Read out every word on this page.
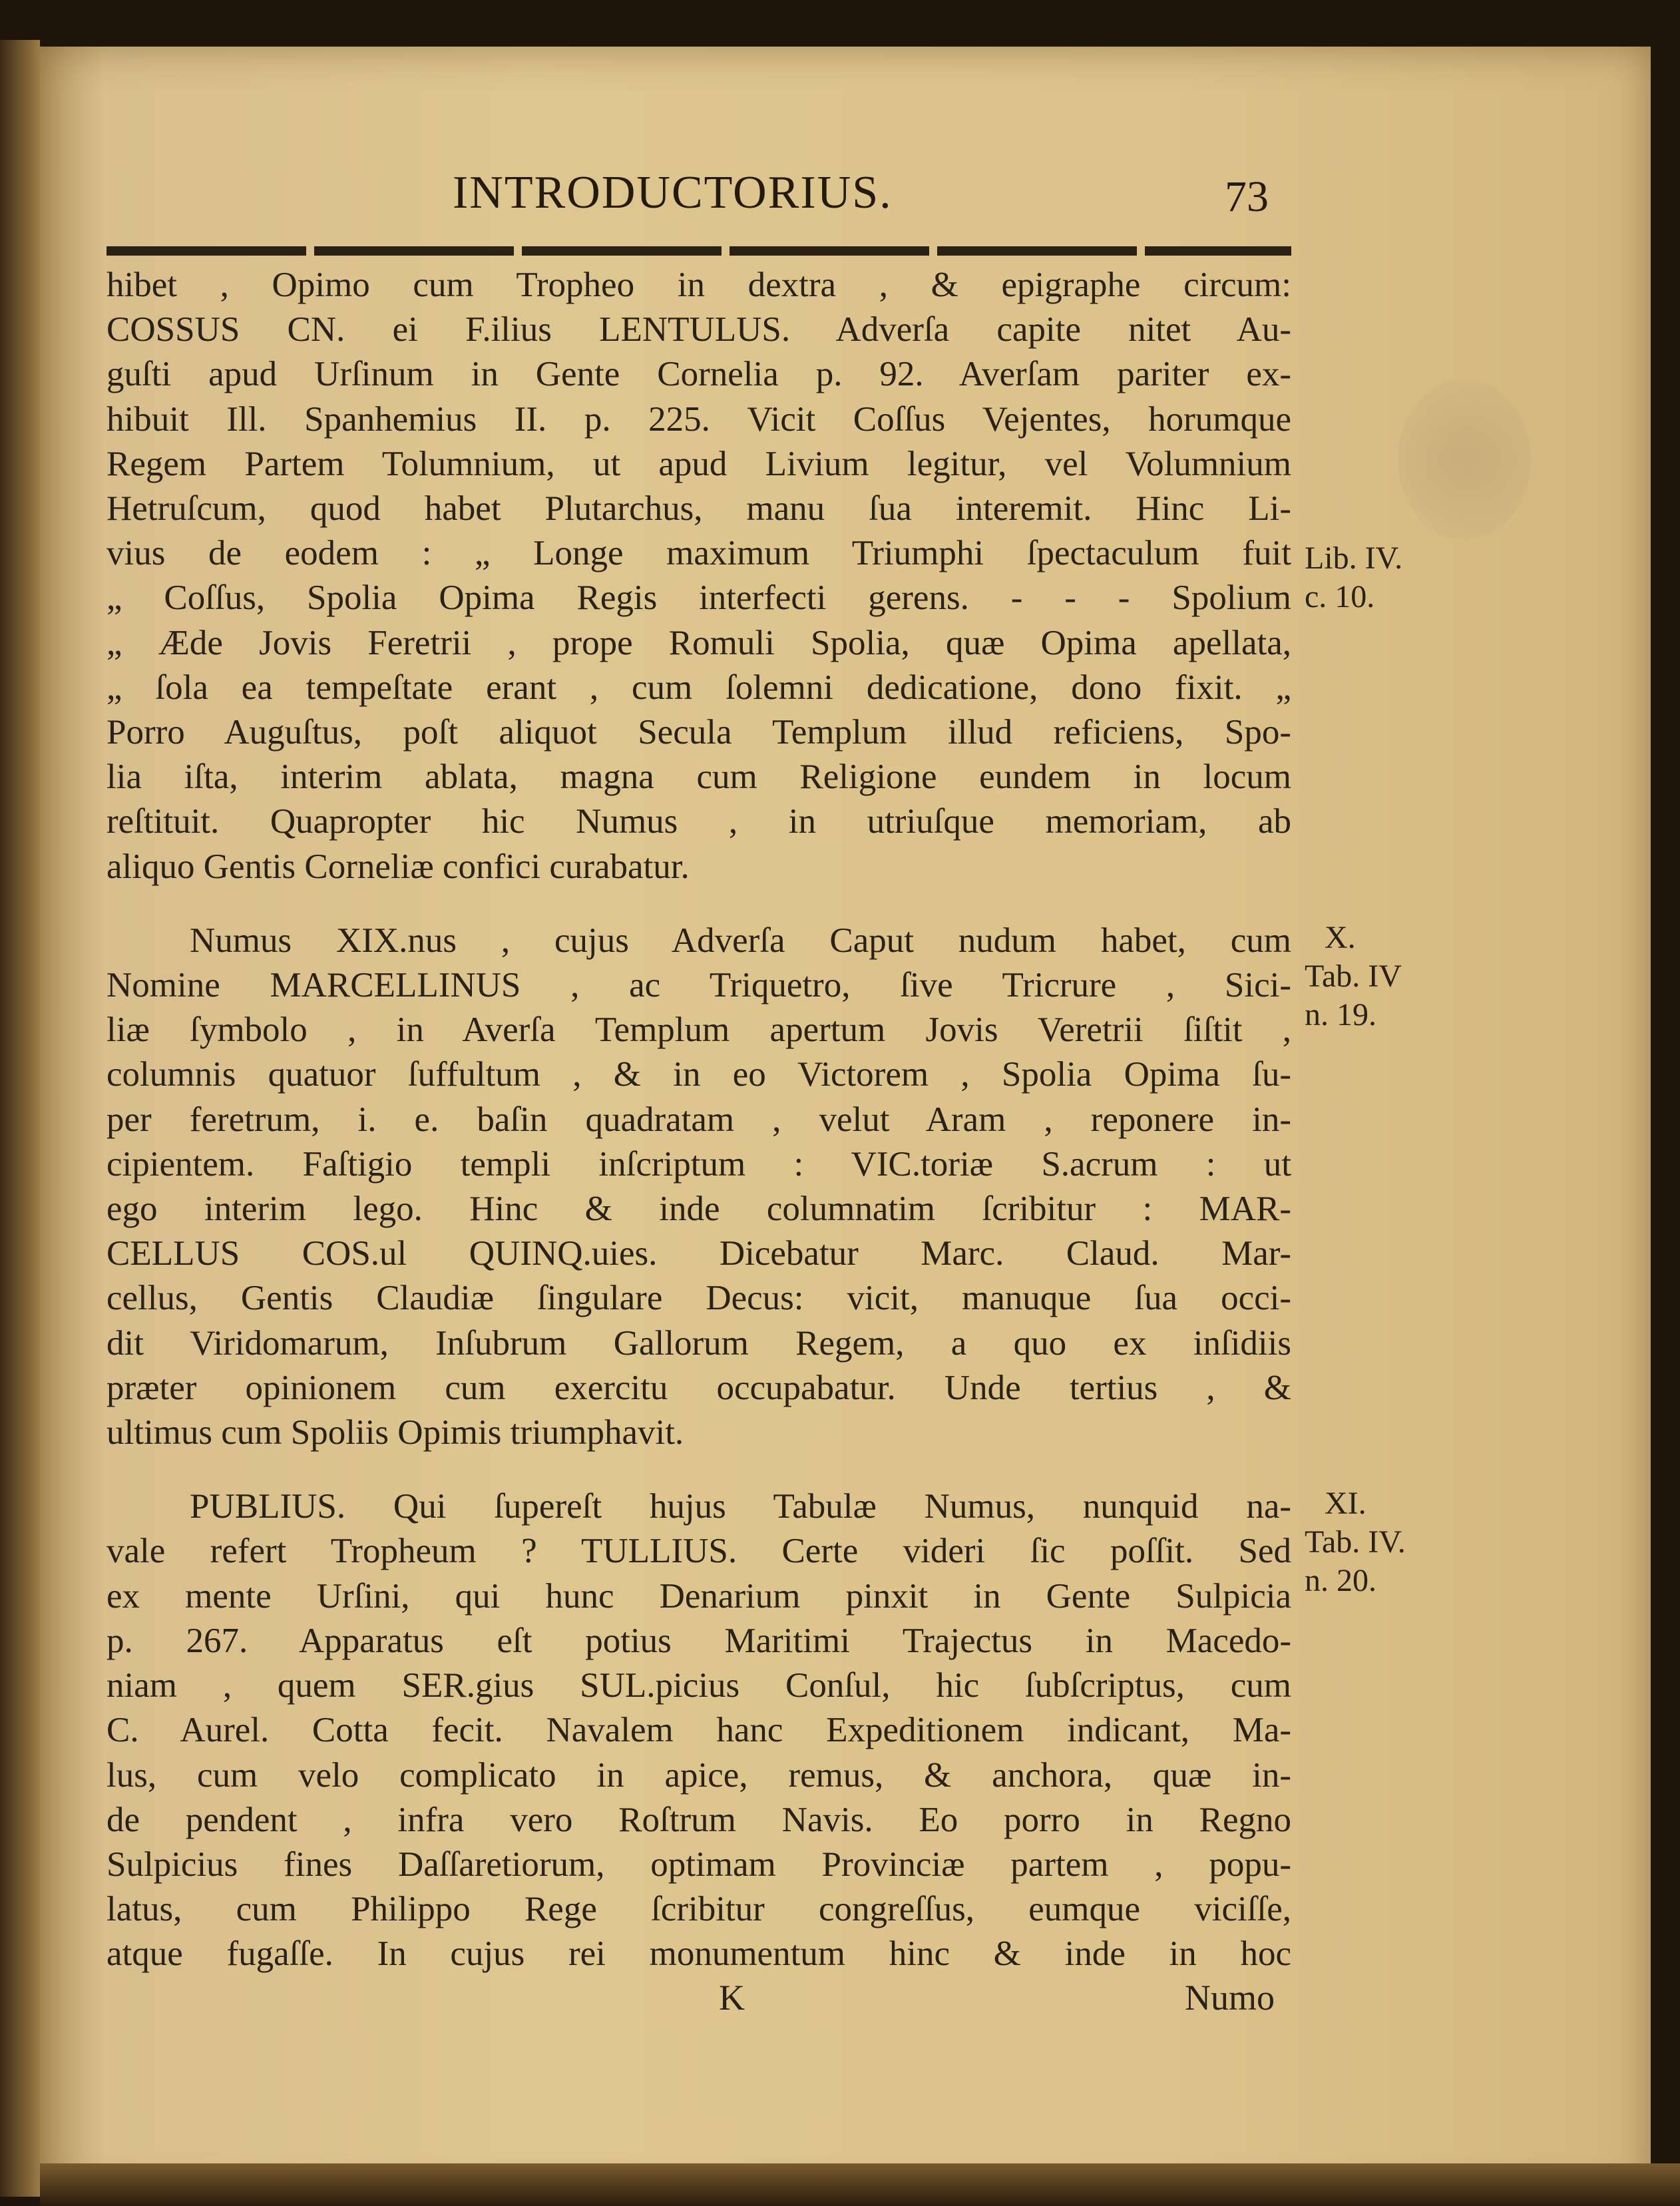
INTRODUCTORIUS.	73
hibet , Opimo cum Tropheo in dextra , & epigraphe circum:
COSSUS CN. ei F.ilius LENTULUS. Adverſa capite nitet Au-
guſti apud Urſinum in Gente Cornelia p. 92. Averſam pariter ex-
hibuit Ill. Spanhemius II. p. 225. Vicit Coſſus Vejentes, horumque
Regem Partem Tolumnium, ut apud Livium legitur, vel Volumnium
Hetruſcum, quod habet Plutarchus, manu ſua interemit. Hinc Li-
vius de eodem : „ Longe maximum Triumphi ſpectaculum fuit
„ Coſſus, Spolia Opima Regis interfecti gerens. - - - Spolium
„ Æde Jovis Feretrii , prope Romuli Spolia, quæ Opima apellata,
„ ſola ea tempeſtate erant , cum ſolemni dedicatione, dono fixit. „
Porro Auguſtus, poſt aliquot Secula Templum illud reficiens, Spo-
lia iſta, interim ablata, magna cum Religione eundem in locum
reſtituit. Quapropter hic Numus , in utriuſque memoriam, ab
aliquo Gentis Corneliæ confici curabatur.
Numus XIX.nus , cujus Adverſa Caput nudum habet, cum
Nomine MARCELLINUS , ac Triquetro, ſive Tricrure , Sici-
liæ ſymbolo , in Averſa Templum apertum Jovis Veretrii ſiſtit ,
columnis quatuor ſuffultum , & in eo Victorem , Spolia Opima ſu-
per feretrum, i. e. baſin quadratam , velut Aram , reponere in-
cipientem. Faſtigio templi inſcriptum : VIC.toriæ S.acrum : ut
ego interim lego. Hinc & inde columnatim ſcribitur : MAR-
CELLUS COS.ul QUINQ.uies. Dicebatur Marc. Claud. Mar-
cellus, Gentis Claudiæ ſingulare Decus: vicit, manuque ſua occi-
dit Viridomarum, Inſubrum Gallorum Regem, a quo ex inſidiis
præter opinionem cum exercitu occupabatur. Unde tertius , &
ultimus cum Spoliis Opimis triumphavit.
PUBLIUS. Qui ſupereſt hujus Tabulæ Numus, nunquid na-
vale refert Tropheum ? TULLIUS. Certe videri ſic poſſit. Sed
ex mente Urſini, qui hunc Denarium pinxit in Gente Sulpicia
p. 267. Apparatus eſt potius Maritimi Trajectus in Macedo-
niam , quem SER.gius SUL.picius Conſul, hic ſubſcriptus, cum
C. Aurel. Cotta fecit. Navalem hanc Expeditionem indicant, Ma-
lus, cum velo complicato in apice, remus, & anchora, quæ in-
de pendent , infra vero Roſtrum Navis. Eo porro in Regno
Sulpicius fines Daſſaretiorum, optimam Provinciæ partem , popu-
latus, cum Philippo Rege ſcribitur congreſſus, eumque viciſſe,
atque fugaſſe. In cujus rei monumentum hinc & inde in hoc
Lib. IV.
c. 10.
X.
Tab. IV
n. 19.
XI.
Tab. IV.
n. 20.
K	Numo
